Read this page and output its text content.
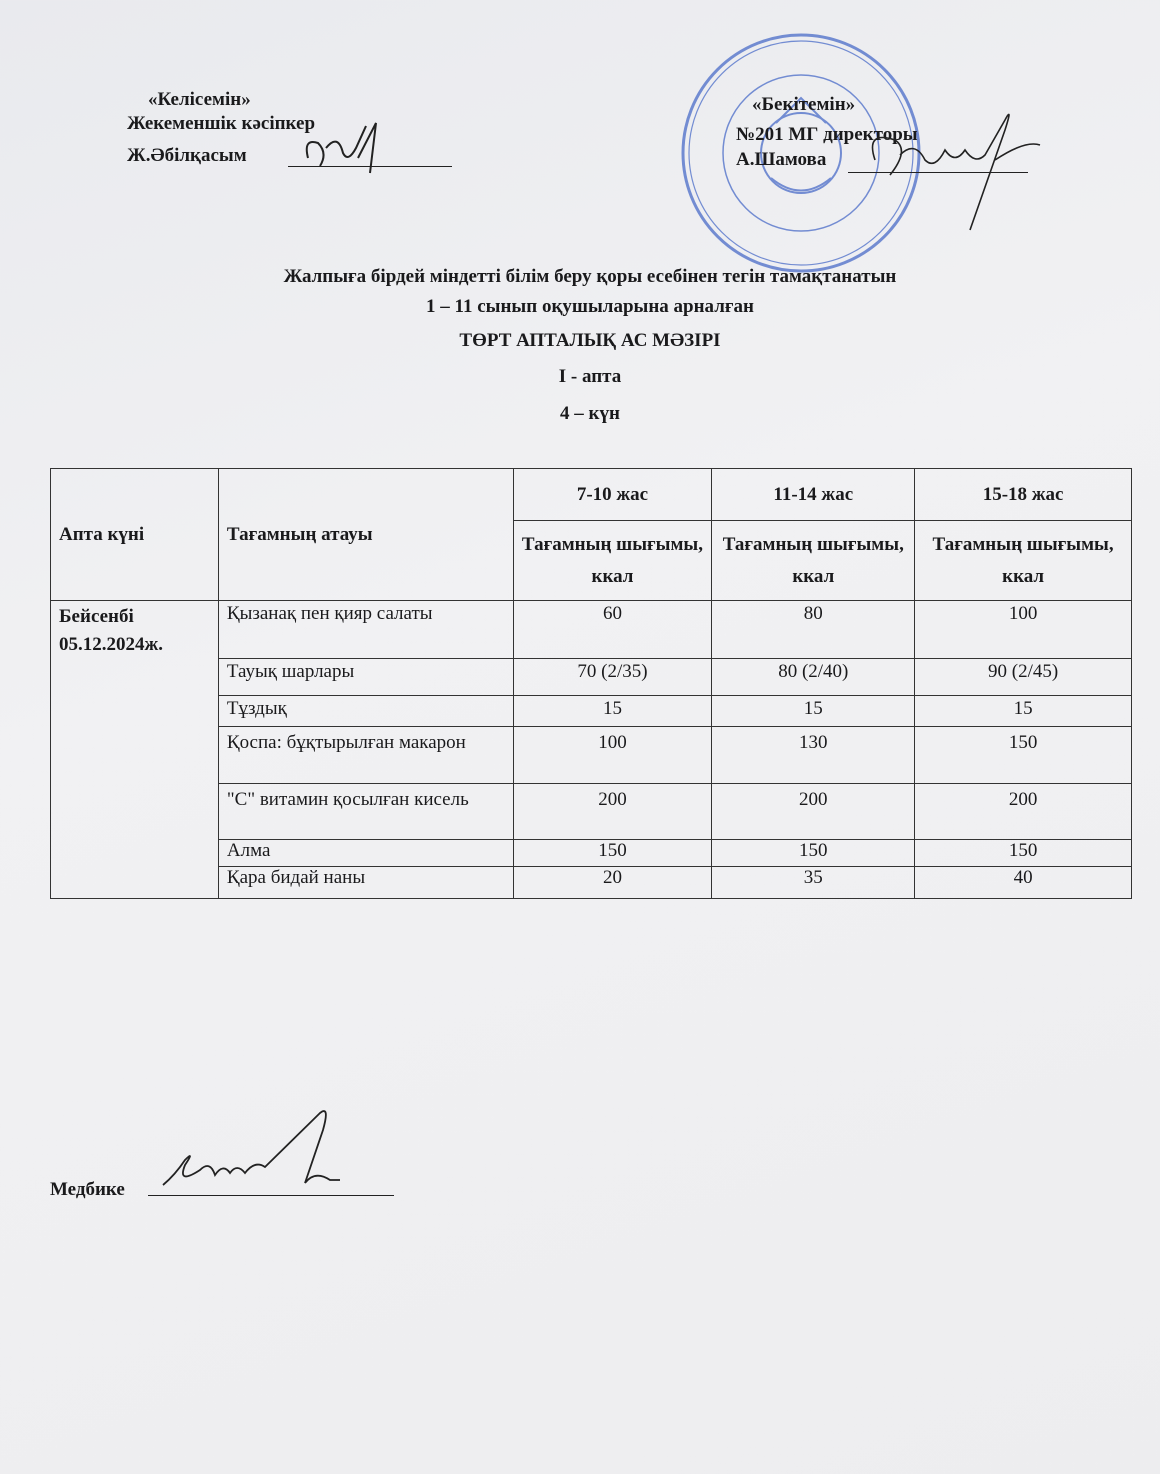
«Келісемін»
Жекеменшік кәсіпкер
Ж.Әбілқасым
«Бекітемін»
№201 МГ директоры
А.Шамова
Жалпыға бірдей міндетті білім беру қоры есебінен тегін тамақтанатын
1 – 11 сынып оқушыларына арналған
ТӨРТ АПТАЛЫҚ АС МӘЗІРІ
І - апта
4 – күн
Апта күні	Тағамның атауы	7-10 жас	11-14 жас	15-18 жас
		Тағамның шығымы, ккал	Тағамның шығымы, ккал	Тағамның шығымы, ккал
Бейсенбі
05.12.2024ж.	Қызанақ пен қияр салаты	60	80	100
	Тауық шарлары	70 (2/35)	80 (2/40)	90 (2/45)
	Тұздық	15	15	15
	Қоспа: бұқтырылған макарон	100	130	150
	"С" витамин қосылған кисель	200	200	200
	Алма	150	150	150
	Қара бидай наны	20	35	40
Медбике
